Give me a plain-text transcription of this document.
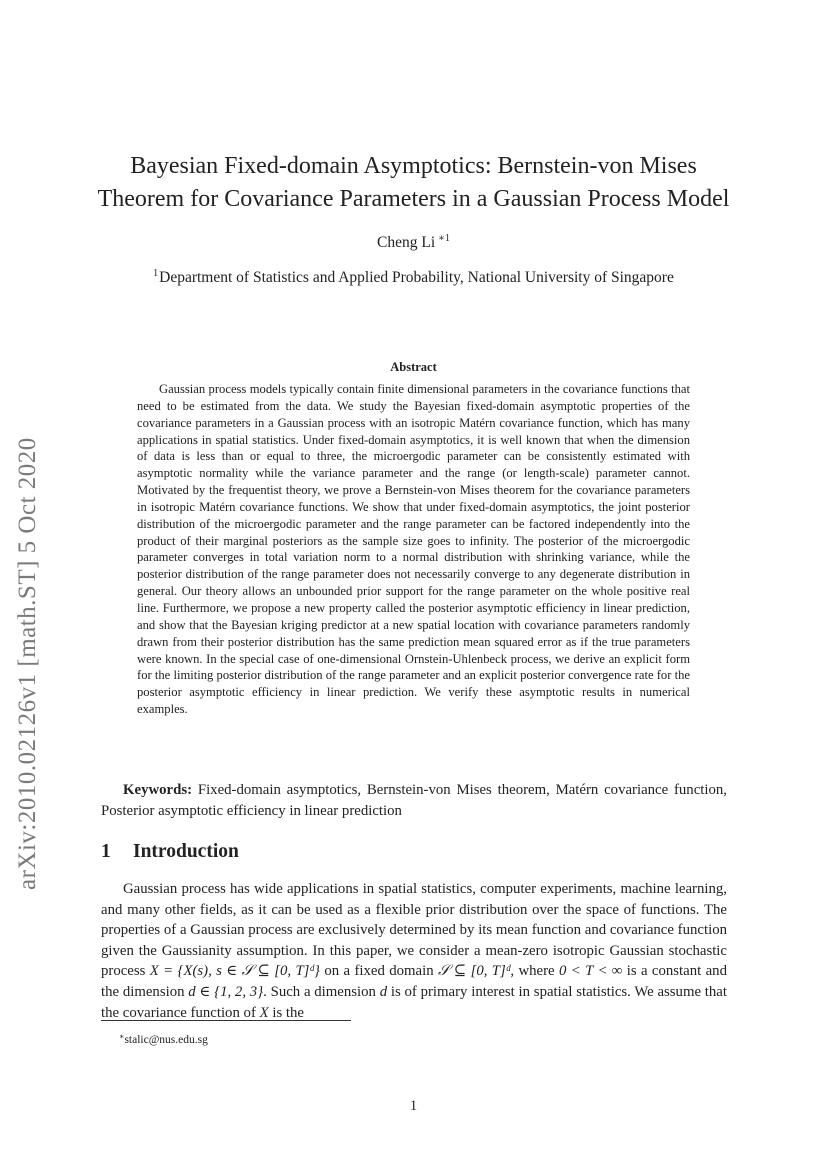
arXiv:2010.02126v1 [math.ST] 5 Oct 2020
Bayesian Fixed-domain Asymptotics: Bernstein-von Mises
Theorem for Covariance Parameters in a Gaussian Process Model
Cheng Li $^{∗1}$
$^1$Department of Statistics and Applied Probability, National University of Singapore
Abstract
Gaussian process models typically contain finite dimensional parameters in the covariance functions that need to be estimated from the data. We study the Bayesian fixed-domain asymptotic properties of the covariance parameters in a Gaussian process with an isotropic Matérn covariance function, which has many applications in spatial statistics. Under fixed-domain asymptotics, it is well known that when the dimension of data is less than or equal to three, the microergodic parameter can be consistently estimated with asymptotic normality while the variance parameter and the range (or length-scale) parameter cannot. Motivated by the frequentist theory, we prove a Bernstein-von Mises theorem for the covariance parameters in isotropic Matérn covariance functions. We show that under fixed-domain asymptotics, the joint posterior distribution of the microergodic parameter and the range parameter can be factored independently into the product of their marginal posteriors as the sample size goes to infinity. The posterior of the microergodic parameter converges in total variation norm to a normal distribution with shrinking variance, while the posterior distribution of the range parameter does not necessarily converge to any degenerate distribution in general. Our theory allows an unbounded prior support for the range parameter on the whole positive real line. Furthermore, we propose a new property called the posterior asymptotic efficiency in linear prediction, and show that the Bayesian kriging predictor at a new spatial location with covariance parameters randomly drawn from their posterior distribution has the same prediction mean squared error as if the true parameters were known. In the special case of one-dimensional Ornstein-Uhlenbeck process, we derive an explicit form for the limiting posterior distribution of the range parameter and an explicit posterior convergence rate for the posterior asymptotic efficiency in linear prediction. We verify these asymptotic results in numerical examples.
Keywords: Fixed-domain asymptotics, Bernstein-von Mises theorem, Matérn covariance function, Posterior asymptotic efficiency in linear prediction
1 Introduction
Gaussian process has wide applications in spatial statistics, computer experiments, machine learning, and many other fields, as it can be used as a flexible prior distribution over the space of functions. The properties of a Gaussian process are exclusively determined by its mean function and covariance function given the Gaussianity assumption. In this paper, we consider a mean-zero isotropic Gaussian stochastic process X = {X(s), s ∈ 𝒮 ⊆ [0, T]ᵈ} on a fixed domain 𝒮 ⊆ [0, T]ᵈ, where 0 < T < ∞ is a constant and the dimension d ∈ {1, 2, 3}. Such a dimension d is of primary interest in spatial statistics. We assume that the covariance function of X is the
∗stalic@nus.edu.sg
1
